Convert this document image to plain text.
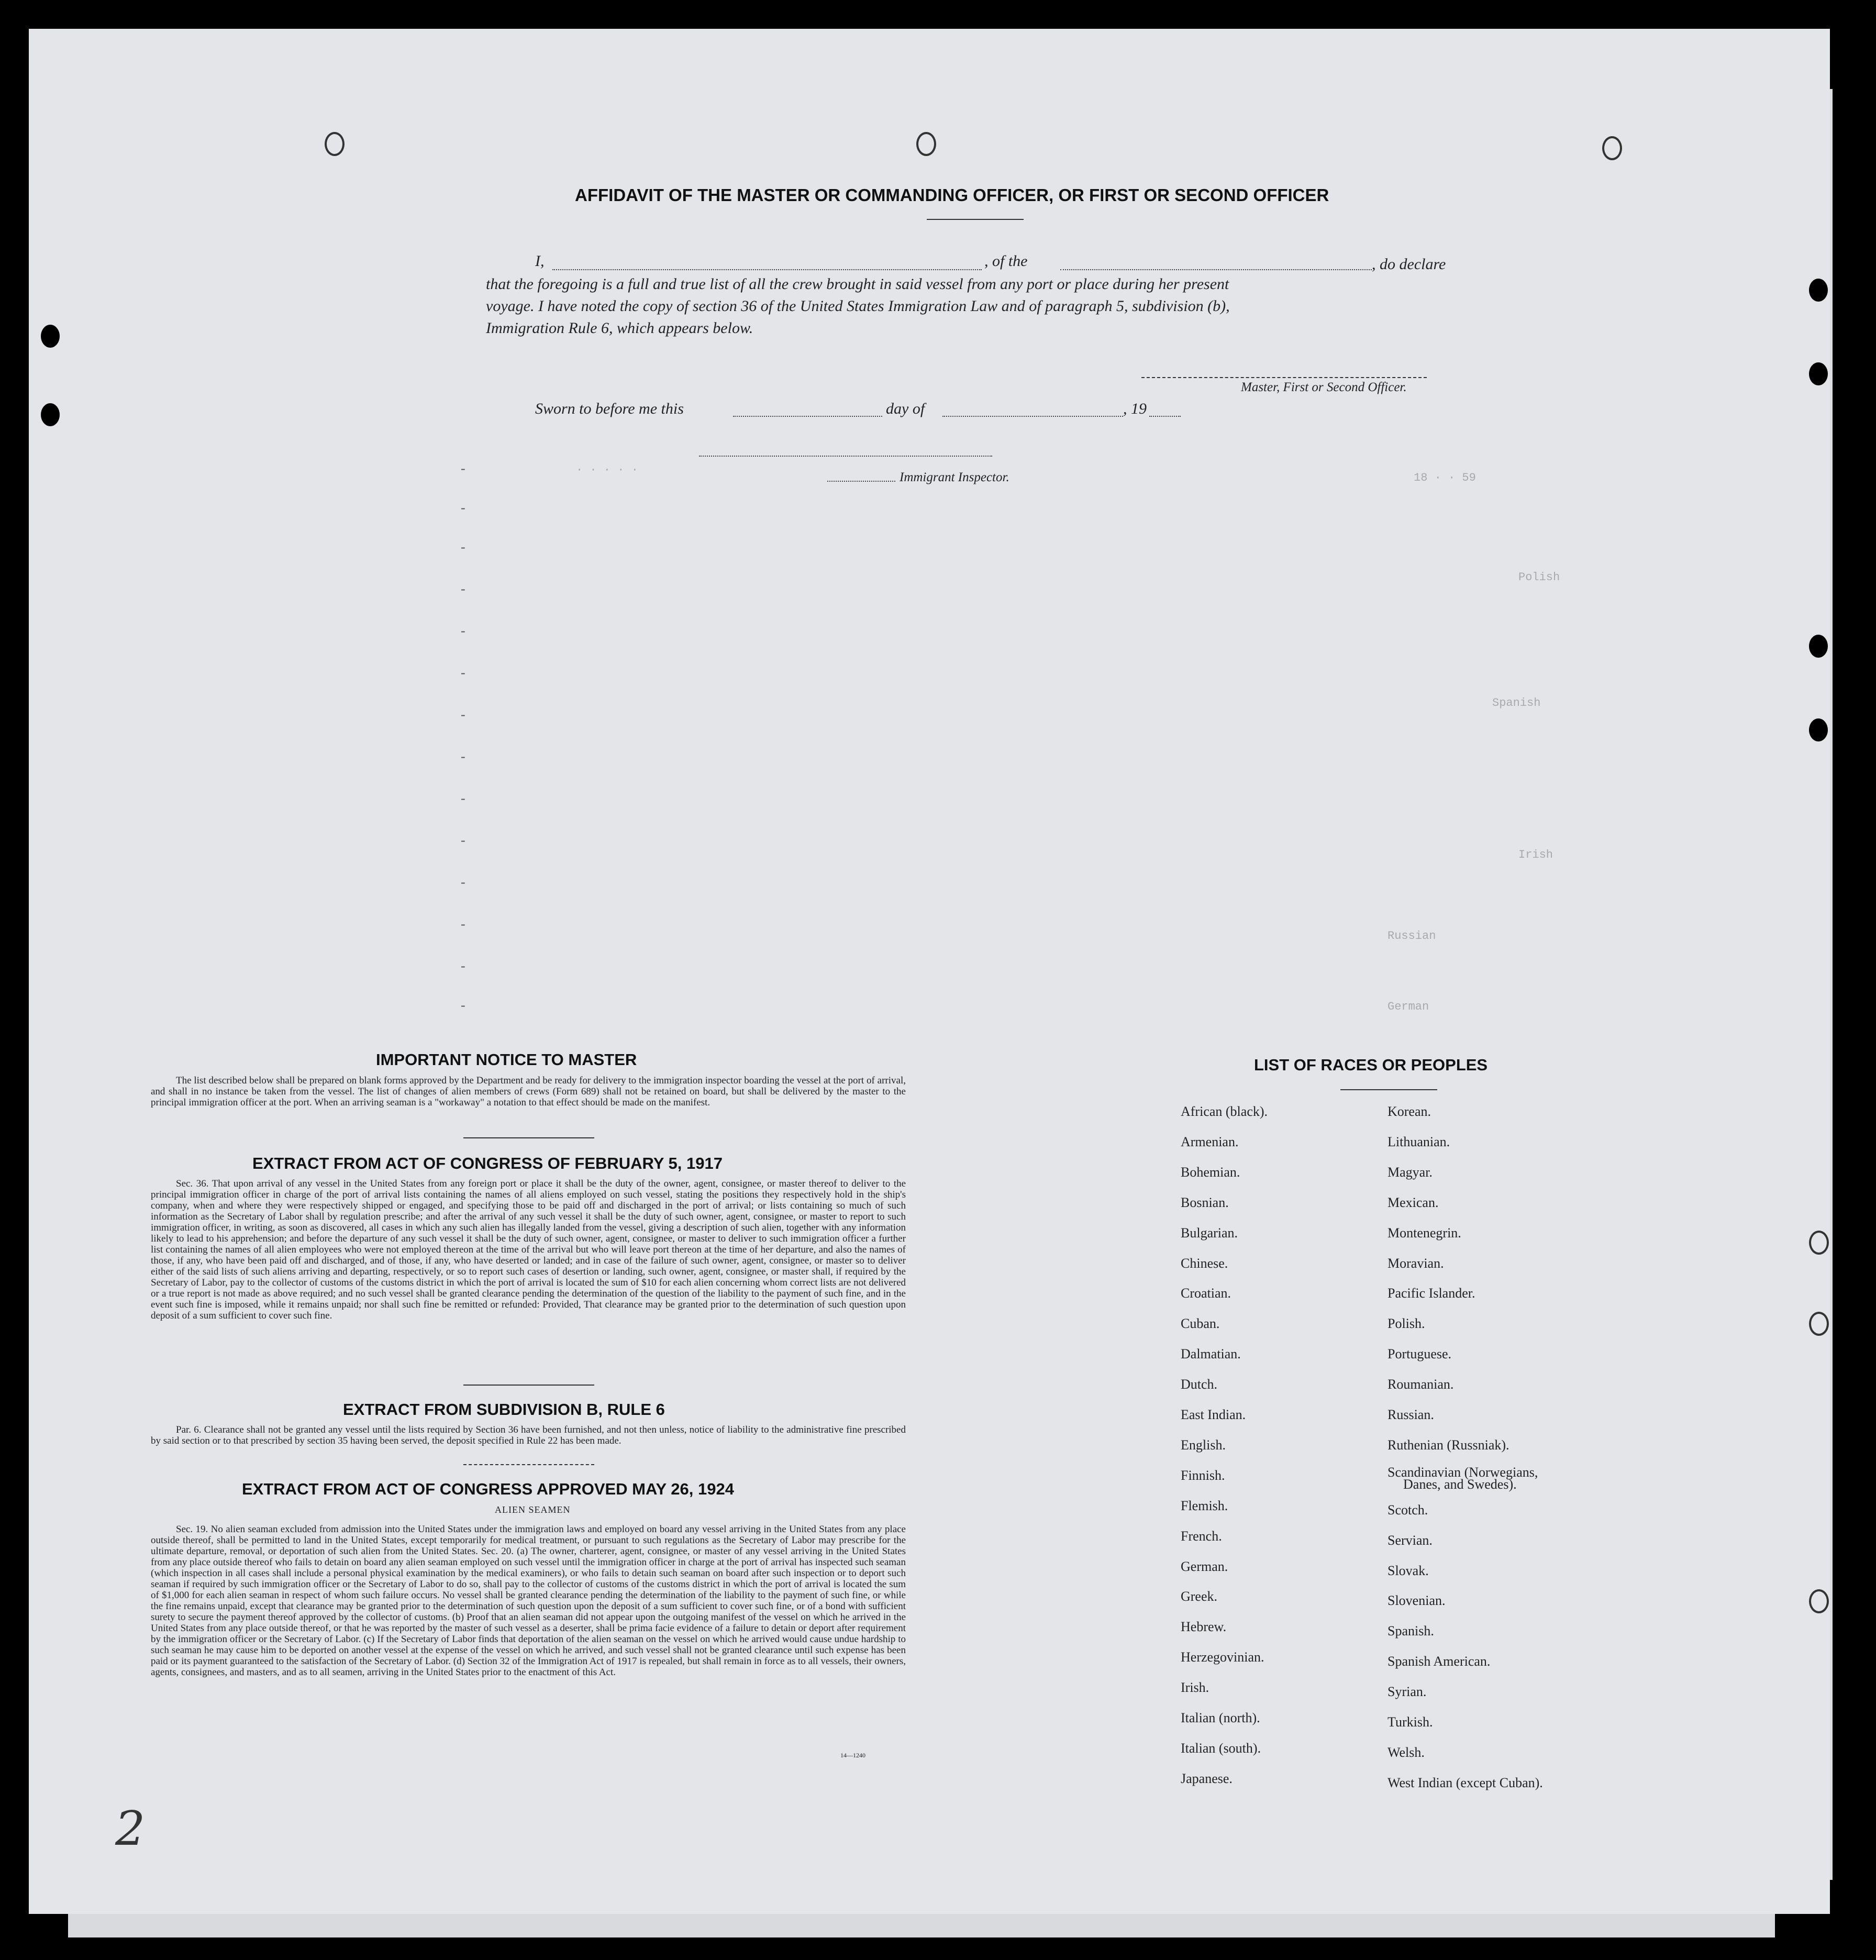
· · · · ·
18 · · 59
Polish
Spanish
Irish
Russian
German
AFFIDAVIT OF THE MASTER OR COMMANDING OFFICER, OR FIRST OR SECOND OFFICER
I,	, of the	, do declare
that the foregoing is a full and true list of all the crew brought in said vessel from any port or place during her present
voyage. I have noted the copy of section 36 of the United States Immigration Law and of paragraph 5, subdivision (b),
Immigration Rule 6, which appears below.
Master, First or Second Officer.
Sworn to before me this	day of	, 19
Immigrant Inspector.
-
-
-
-
-
-
-
-
-
-
-
-
-
-
IMPORTANT NOTICE TO MASTER
The list described below shall be prepared on blank forms approved by the Department and be ready for delivery to the immigration inspector boarding the vessel at the port of arrival, and shall in no instance be taken from the vessel. The list of changes of alien members of crews (Form 689) shall not be retained on board, but shall be delivered by the master to the principal immigration officer at the port. When an arriving seaman is a "workaway" a notation to that effect should be made on the manifest.
EXTRACT FROM ACT OF CONGRESS OF FEBRUARY 5, 1917
Sec. 36. That upon arrival of any vessel in the United States from any foreign port or place it shall be the duty of the owner, agent, consignee, or master thereof to deliver to the principal immigration officer in charge of the port of arrival lists containing the names of all aliens employed on such vessel, stating the positions they respectively hold in the ship's company, when and where they were respectively shipped or engaged, and specifying those to be paid off and discharged in the port of arrival; or lists containing so much of such information as the Secretary of Labor shall by regulation prescribe; and after the arrival of any such vessel it shall be the duty of such owner, agent, consignee, or master to report to such immigration officer, in writing, as soon as discovered, all cases in which any such alien has illegally landed from the vessel, giving a description of such alien, together with any information likely to lead to his apprehension; and before the departure of any such vessel it shall be the duty of such owner, agent, consignee, or master to deliver to such immigration officer a further list containing the names of all alien employees who were not employed thereon at the time of the arrival but who will leave port thereon at the time of her departure, and also the names of those, if any, who have been paid off and discharged, and of those, if any, who have deserted or landed; and in case of the failure of such owner, agent, consignee, or master so to deliver either of the said lists of such aliens arriving and departing, respectively, or so to report such cases of desertion or landing, such owner, agent, consignee, or master shall, if required by the Secretary of Labor, pay to the collector of customs of the customs district in which the port of arrival is located the sum of $10 for each alien concerning whom correct lists are not delivered or a true report is not made as above required; and no such vessel shall be granted clearance pending the determination of the question of the liability to the payment of such fine, and in the event such fine is imposed, while it remains unpaid; nor shall such fine be remitted or refunded: Provided, That clearance may be granted prior to the determination of such question upon deposit of a sum sufficient to cover such fine.
EXTRACT FROM SUBDIVISION B, RULE 6
Par. 6. Clearance shall not be granted any vessel until the lists required by Section 36 have been furnished, and not then unless, notice of liability to the administrative fine prescribed by said section or to that prescribed by section 35 having been served, the deposit specified in Rule 22 has been made.
EXTRACT FROM ACT OF CONGRESS APPROVED MAY 26, 1924
ALIEN SEAMEN
Sec. 19. No alien seaman excluded from admission into the United States under the immigration laws and employed on board any vessel arriving in the United States from any place outside thereof, shall be permitted to land in the United States, except temporarily for medical treatment, or pursuant to such regulations as the Secretary of Labor may prescribe for the ultimate departure, removal, or deportation of such alien from the United States. Sec. 20. (a) The owner, charterer, agent, consignee, or master of any vessel arriving in the United States from any place outside thereof who fails to detain on board any alien seaman employed on such vessel until the immigration officer in charge at the port of arrival has inspected such seaman (which inspection in all cases shall include a personal physical examination by the medical examiners), or who fails to detain such seaman on board after such inspection or to deport such seaman if required by such immigration officer or the Secretary of Labor to do so, shall pay to the collector of customs of the customs district in which the port of arrival is located the sum of $1,000 for each alien seaman in respect of whom such failure occurs. No vessel shall be granted clearance pending the determination of the liability to the payment of such fine, or while the fine remains unpaid, except that clearance may be granted prior to the determination of such question upon the deposit of a sum sufficient to cover such fine, or of a bond with sufficient surety to secure the payment thereof approved by the collector of customs. (b) Proof that an alien seaman did not appear upon the outgoing manifest of the vessel on which he arrived in the United States from any place outside thereof, or that he was reported by the master of such vessel as a deserter, shall be prima facie evidence of a failure to detain or deport after requirement by the immigration officer or the Secretary of Labor. (c) If the Secretary of Labor finds that deportation of the alien seaman on the vessel on which he arrived would cause undue hardship to such seaman he may cause him to be deported on another vessel at the expense of the vessel on which he arrived, and such vessel shall not be granted clearance until such expense has been paid or its payment guaranteed to the satisfaction of the Secretary of Labor. (d) Section 32 of the Immigration Act of 1917 is repealed, but shall remain in force as to all vessels, their owners, agents, consignees, and masters, and as to all seamen, arriving in the United States prior to the enactment of this Act.
14—1240
LIST OF RACES OR PEOPLES
African (black).
Armenian.
Bohemian.
Bosnian.
Bulgarian.
Chinese.
Croatian.
Cuban.
Dalmatian.
Dutch.
East Indian.
English.
Finnish.
Flemish.
French.
German.
Greek.
Hebrew.
Herzegovinian.
Irish.
Italian (north).
Italian (south).
Japanese.
Korean.
Lithuanian.
Magyar.
Mexican.
Montenegrin.
Moravian.
Pacific Islander.
Polish.
Portuguese.
Roumanian.
Russian.
Ruthenian (Russniak).
Scandinavian (Norwegians,
Scotch.
Servian.
Slovak.
Slovenian.
Spanish.
Spanish American.
Syrian.
Turkish.
Welsh.
West Indian (except Cuban).
Danes, and Swedes).
2
